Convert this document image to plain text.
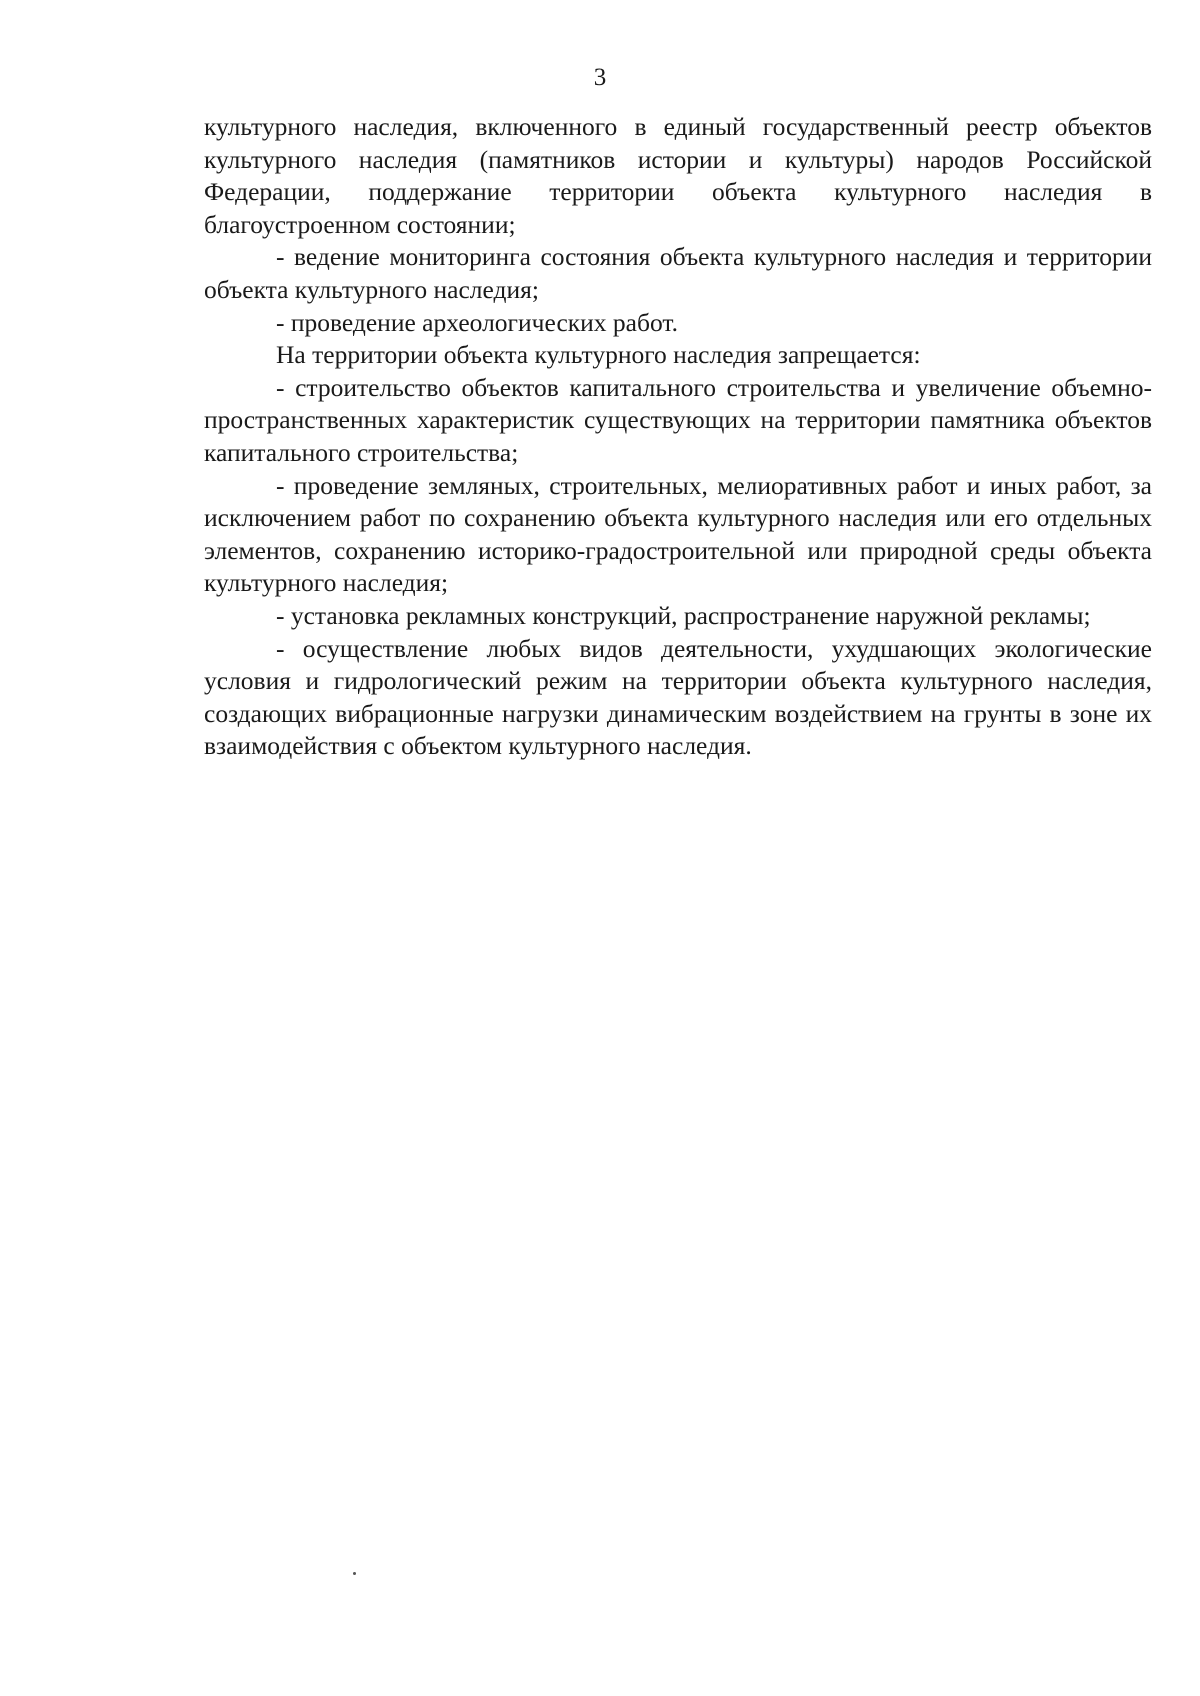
3

культурного наследия, включенного в единый государственный реестр объектов культурного наследия (памятников истории и культуры) народов Российской Федерации, поддержание территории объекта культурного наследия в благоустроенном состоянии;

- ведение мониторинга состояния объекта культурного наследия и территории объекта культурного наследия;

- проведение археологических работ.

На территории объекта культурного наследия запрещается:

- строительство объектов капитального строительства и увеличение объемно-пространственных характеристик существующих на территории памятника объектов капитального строительства;

- проведение земляных, строительных, мелиоративных работ и иных работ, за исключением работ по сохранению объекта культурного наследия или его отдельных элементов, сохранению историко-градостроительной или природной среды объекта культурного наследия;

- установка рекламных конструкций, распространение наружной рекламы;

- осуществление любых видов деятельности, ухудшающих экологические условия и гидрологический режим на территории объекта культурного наследия, создающих вибрационные нагрузки динамическим воздействием на грунты в зоне их взаимодействия с объектом культурного наследия.
